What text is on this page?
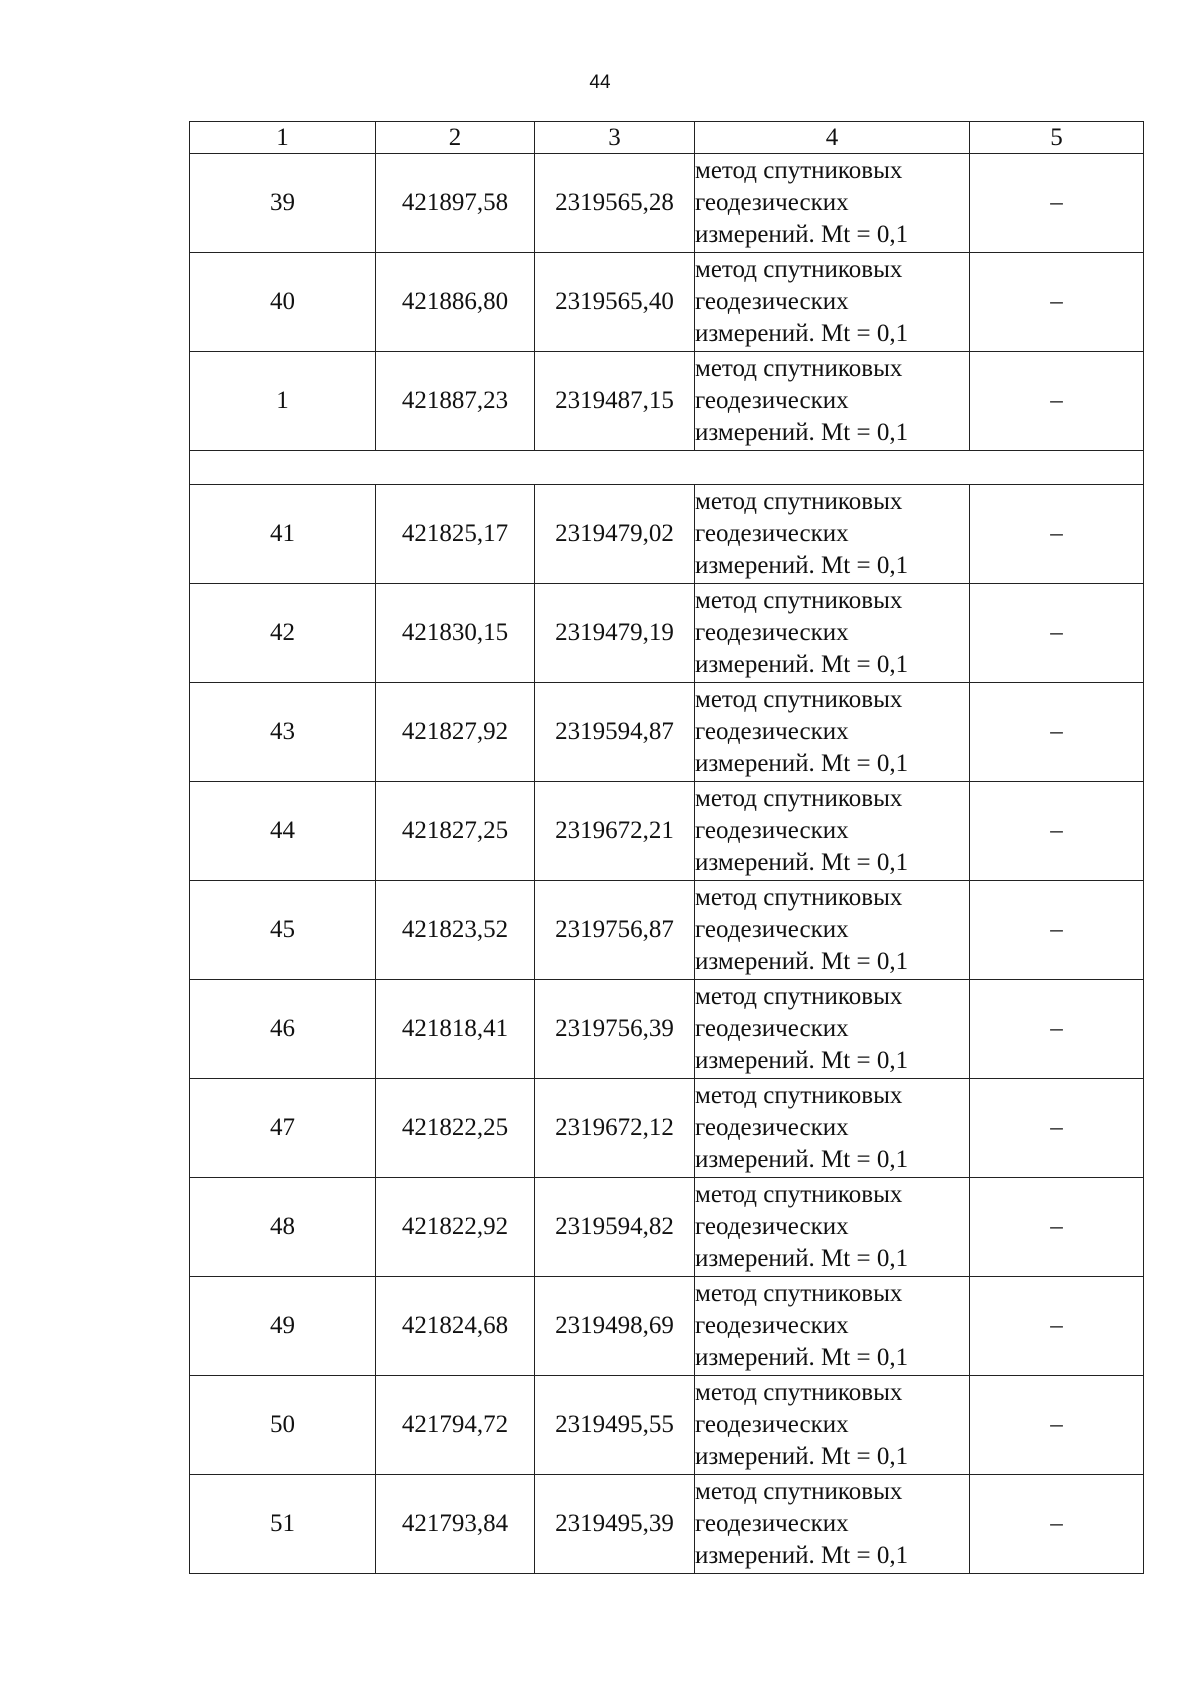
44
1	2	3	4	5
39	421897,58	2319565,28	метод спутниковых
геодезических
измерений. Mt = 0,1	–
40	421886,80	2319565,40	метод спутниковых
геодезических
измерений. Mt = 0,1	–
1	421887,23	2319487,15	метод спутниковых
геодезических
измерений. Mt = 0,1	–

41	421825,17	2319479,02	метод спутниковых
геодезических
измерений. Mt = 0,1	–
42	421830,15	2319479,19	метод спутниковых
геодезических
измерений. Mt = 0,1	–
43	421827,92	2319594,87	метод спутниковых
геодезических
измерений. Mt = 0,1	–
44	421827,25	2319672,21	метод спутниковых
геодезических
измерений. Mt = 0,1	–
45	421823,52	2319756,87	метод спутниковых
геодезических
измерений. Mt = 0,1	–
46	421818,41	2319756,39	метод спутниковых
геодезических
измерений. Mt = 0,1	–
47	421822,25	2319672,12	метод спутниковых
геодезических
измерений. Mt = 0,1	–
48	421822,92	2319594,82	метод спутниковых
геодезических
измерений. Mt = 0,1	–
49	421824,68	2319498,69	метод спутниковых
геодезических
измерений. Mt = 0,1	–
50	421794,72	2319495,55	метод спутниковых
геодезических
измерений. Mt = 0,1	–
51	421793,84	2319495,39	метод спутниковых
геодезических
измерений. Mt = 0,1	–
